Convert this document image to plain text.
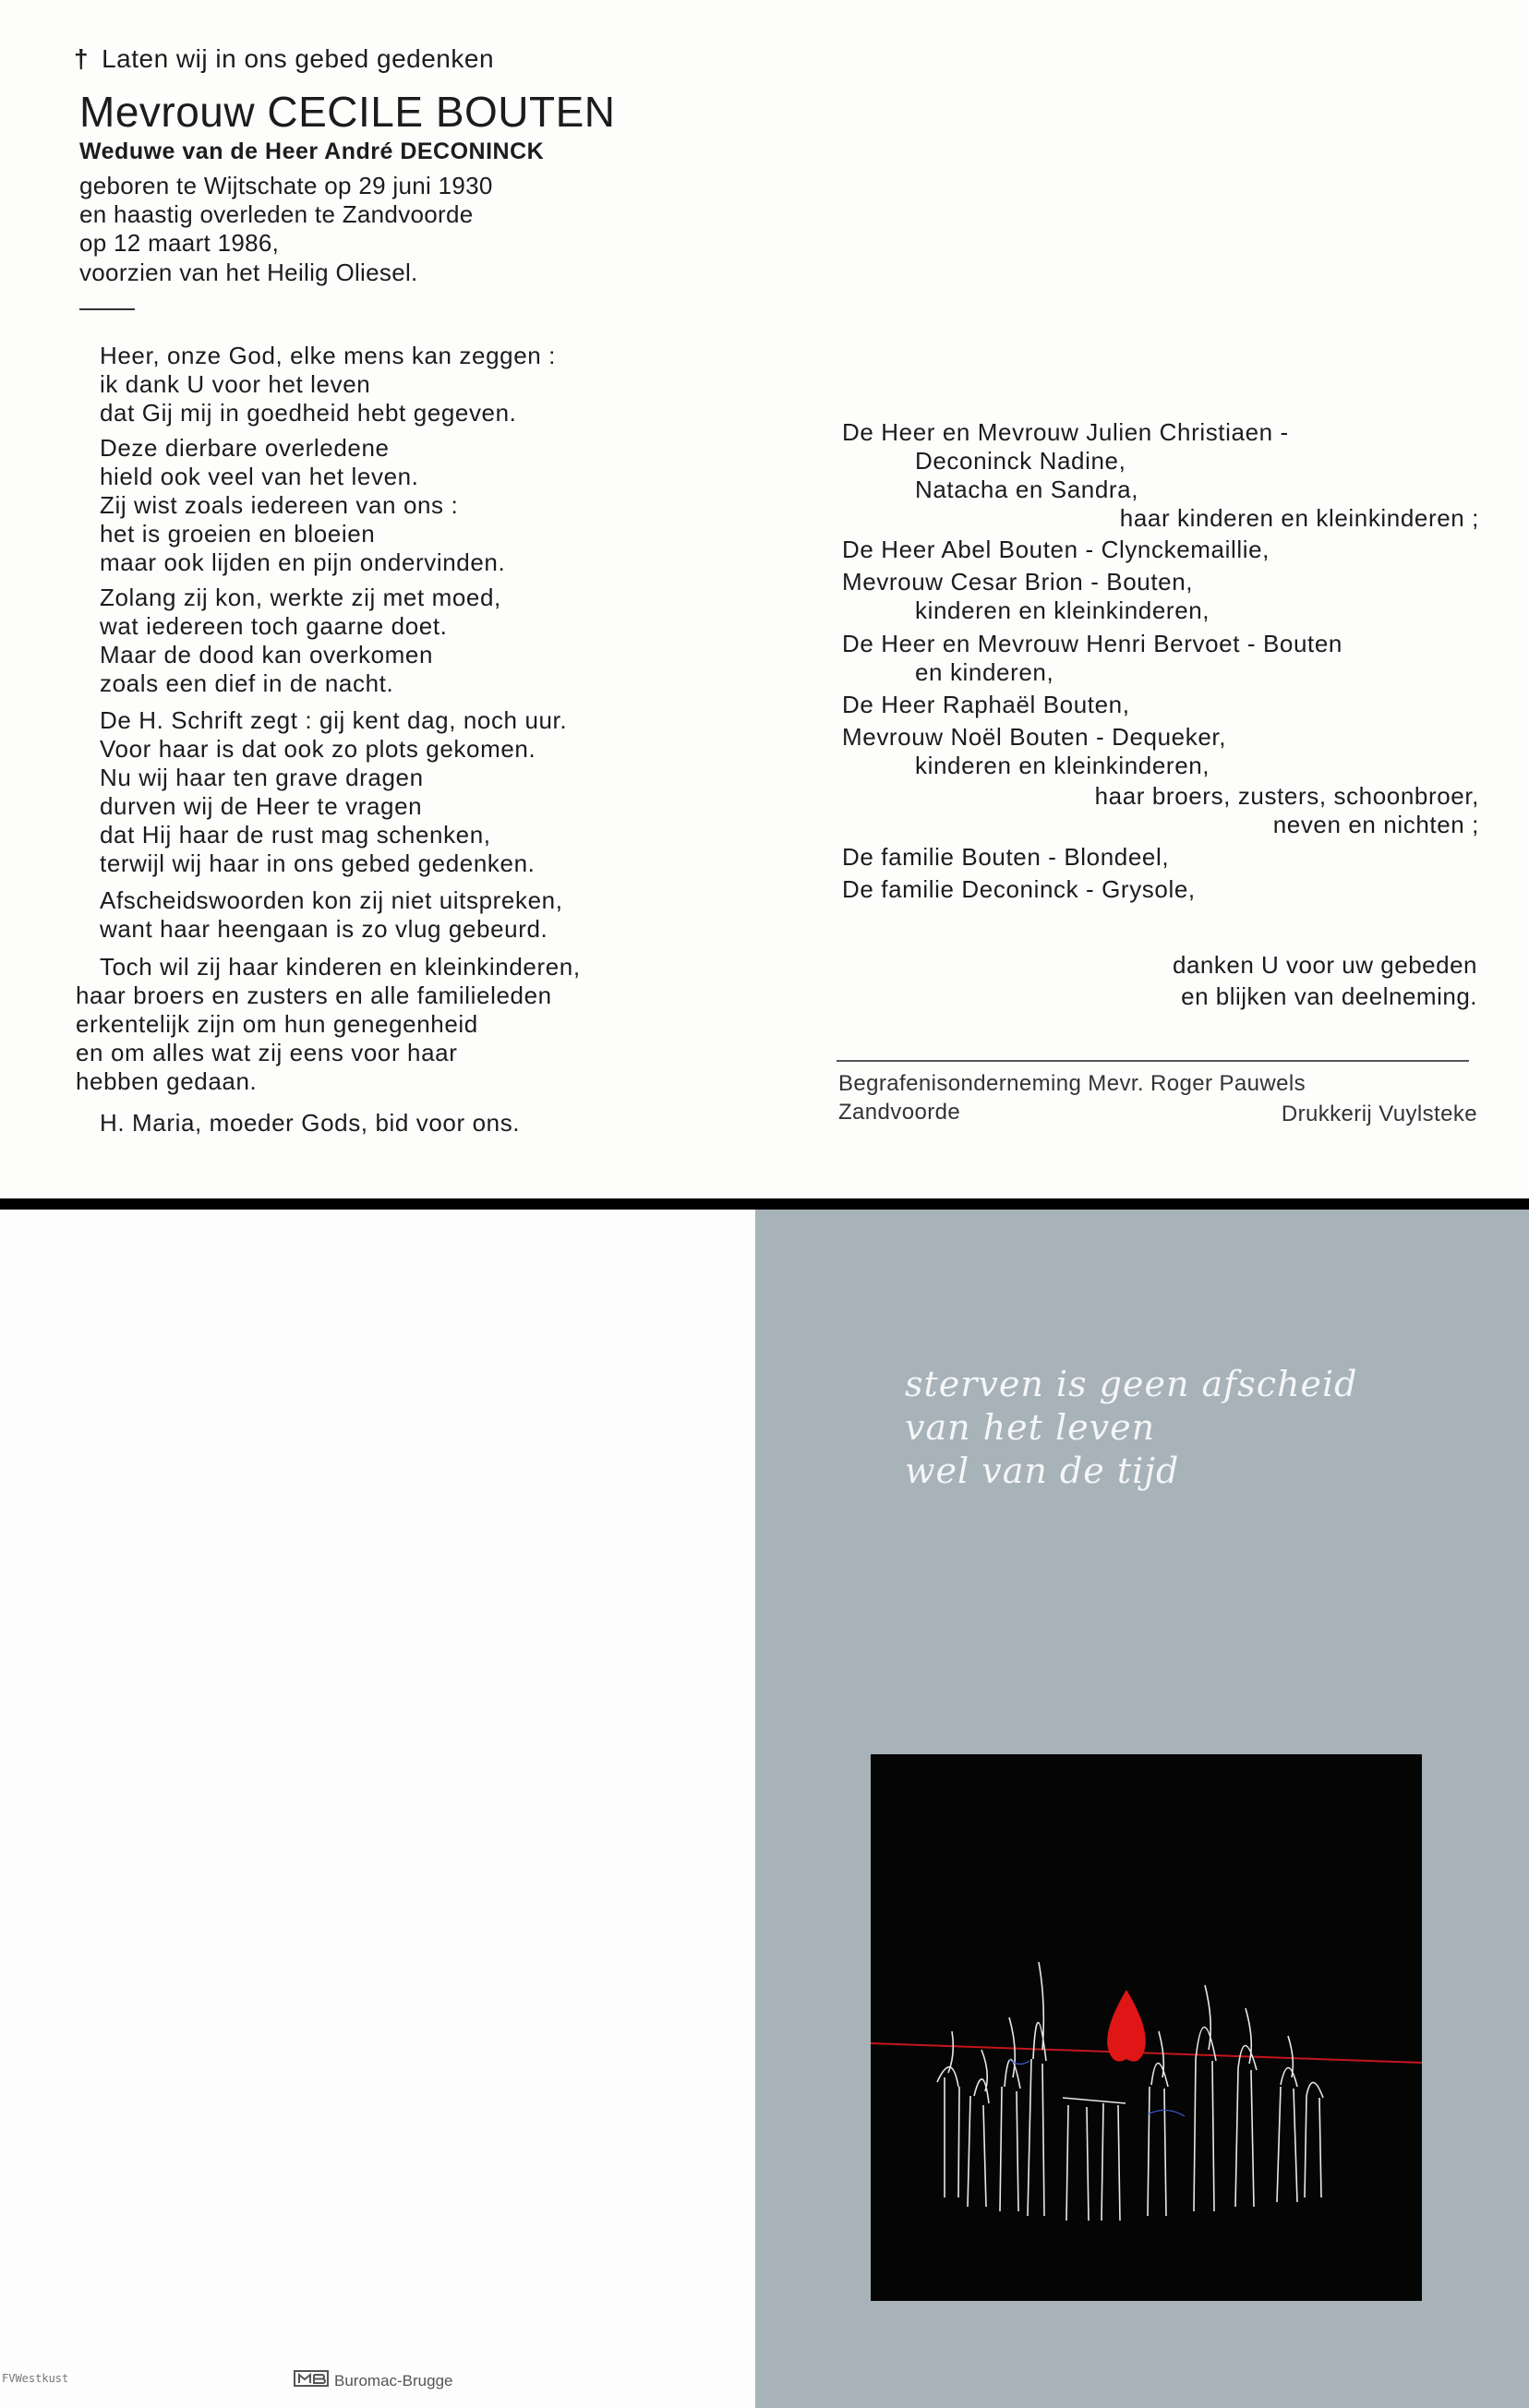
† Laten wij in ons gebed gedenken
Mevrouw CECILE BOUTEN
Weduwe van de Heer André DECONINCK
geboren te Wijtschate op 29 juni 1930
en haastig overleden te Zandvoorde
op 12 maart 1986,
voorzien van het Heilig Oliesel.
Heer, onze God, elke mens kan zeggen :
ik dank U voor het leven
dat Gij mij in goedheid hebt gegeven.
Deze dierbare overledene
hield ook veel van het leven.
Zij wist zoals iedereen van ons :
het is groeien en bloeien
maar ook lijden en pijn ondervinden.
Zolang zij kon, werkte zij met moed,
wat iedereen toch gaarne doet.
Maar de dood kan overkomen
zoals een dief in de nacht.
De H. Schrift zegt : gij kent dag, noch uur.
Voor haar is dat ook zo plots gekomen.
Nu wij haar ten grave dragen
durven wij de Heer te vragen
dat Hij haar de rust mag schenken,
terwijl wij haar in ons gebed gedenken.
Afscheidswoorden kon zij niet uitspreken,
want haar heengaan is zo vlug gebeurd.
Toch wil zij haar kinderen en kleinkinderen,
haar broers en zusters en alle familieleden
erkentelijk zijn om hun genegenheid
en om alles wat zij eens voor haar
hebben gedaan.
H. Maria, moeder Gods, bid voor ons.
De Heer en Mevrouw Julien Christiaen -
Deconinck Nadine,
Natacha en Sandra,
haar kinderen en kleinkinderen ;
De Heer Abel Bouten - Clynckemaillie,
Mevrouw Cesar Brion - Bouten,
kinderen en kleinkinderen,
De Heer en Mevrouw Henri Bervoet - Bouten
en kinderen,
De Heer Raphaël Bouten,
Mevrouw Noël Bouten - Dequeker,
kinderen en kleinkinderen,
haar broers, zusters, schoonbroer,
neven en nichten ;
De familie Bouten - Blondeel,
De familie Deconinck - Grysole,
danken U voor uw gebeden
en blijken van deelneming.
Begrafenisonderneming Mevr. Roger Pauwels
Zandvoorde	Drukkerij Vuylsteke
FVWestkust	Buromac-Brugge
sterven is geen afscheid
van het leven
wel van de tijd
